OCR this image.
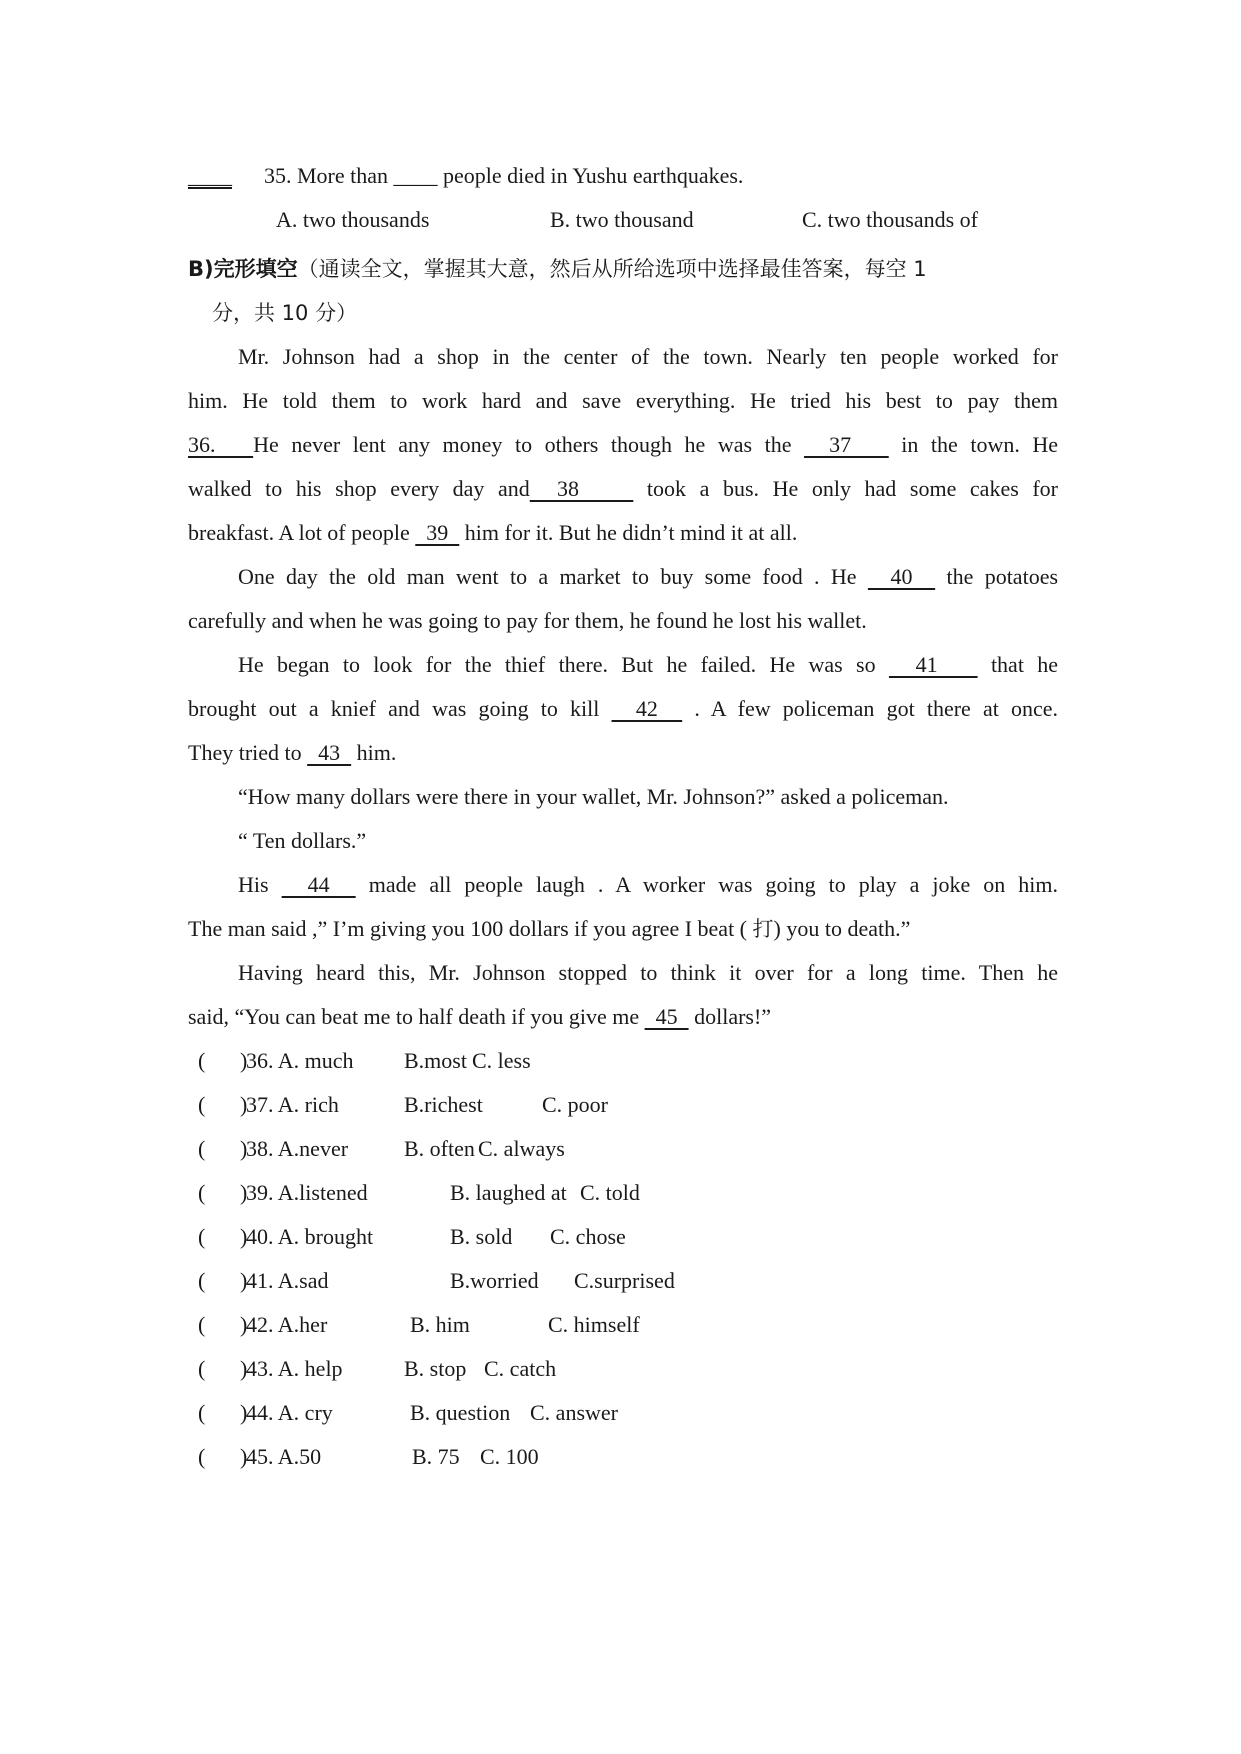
____ 35. More than ____ people died in Yushu earthquakes.
A. two thousands	B. two thousand	C. two thousands of
B)完形填空（通读全文，掌握其大意，然后从所给选项中选择最佳答案，每空 1
分，共 10 分）
Mr. Johnson had a shop in the center of the town. Nearly ten people worked for
him. He told them to work hard and save everything. He tried his best to pay them
36.   He never lent any money to others though he was the   37    in the town. He
walked to his shop every day and  38     took a bus. He only had some cakes for
breakfast. A lot of people   39   him for it. But he didn’t mind it at all.
One day the old man went to a market to buy some food . He   40   the potatoes
carefully and when he was going to pay for them, he found he lost his wallet.
He began to look for the thief there. But he failed. He was so   41    that he
brought out a knief and was going to kill   42   . A few policeman got there at once.
They tried to   43   him.
“How many dollars were there in your wallet, Mr. Johnson?” asked a policeman.
“ Ten dollars.”
His   44   made all people laugh . A worker was going to play a joke on him.
The man said ,” I’m giving you 100 dollars if you agree I beat ( 打) you to death.”
Having heard this, Mr. Johnson stopped to think it over for a long time. Then he
said, “You can beat me to half death if you give me   45   dollars!”
( )
36. A. much B.most C. less
( )
37. A. rich	B.richest	C. poor
( )
38. A.never	B. often C. always
( )
39. A.listened	B. laughed at C. told
( )
40. A. brought	B. sold C. chose
( )
41. A.sad	B.worried C.surprised
( )
42. A.her	B. him	C. himself
( )
43. A. help	B. stop C. catch
( )
44. A. cry	B. question C. answer
( )
45. A.50	B. 75 C. 100
